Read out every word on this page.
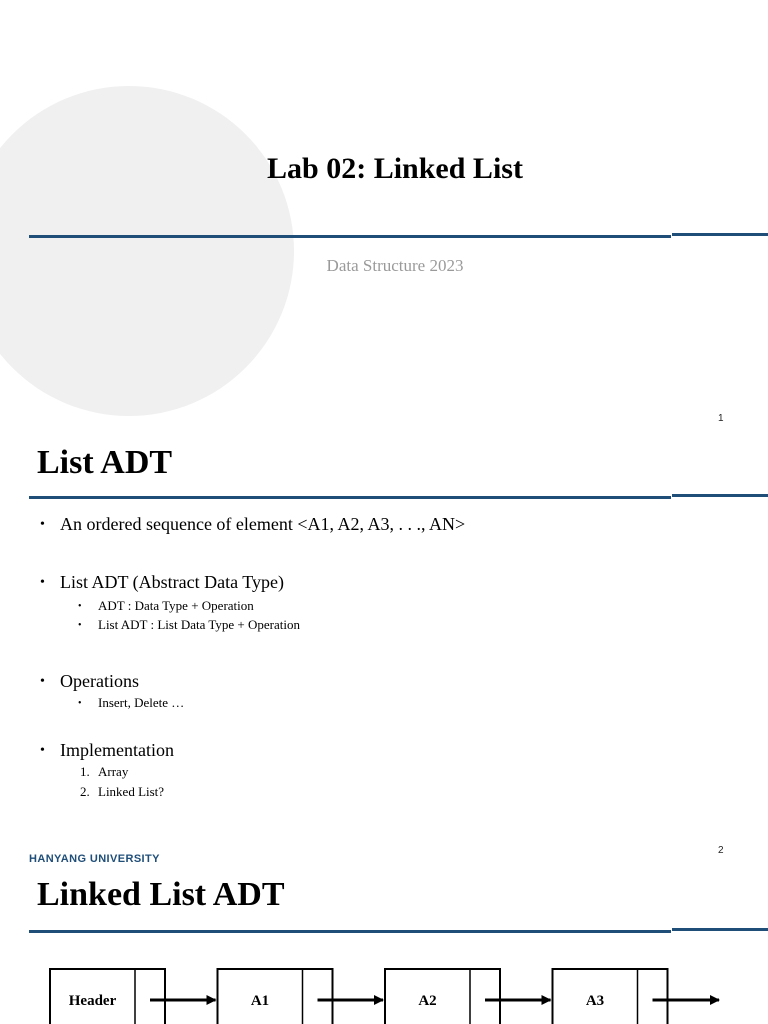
Lab 02: Linked List
Data Structure 2023
1
List ADT
• An ordered sequence of element <A1, A2, A3, . . ., AN>
• List ADT (Abstract Data Type)
• ADT : Data Type + Operation
• List ADT : List Data Type + Operation
• Operations
• Insert, Delete …
• Implementation
1. Array
2. Linked List?
HANYANG UNIVERSITY
2
Linked List ADT
Header	A1	A2	A3
